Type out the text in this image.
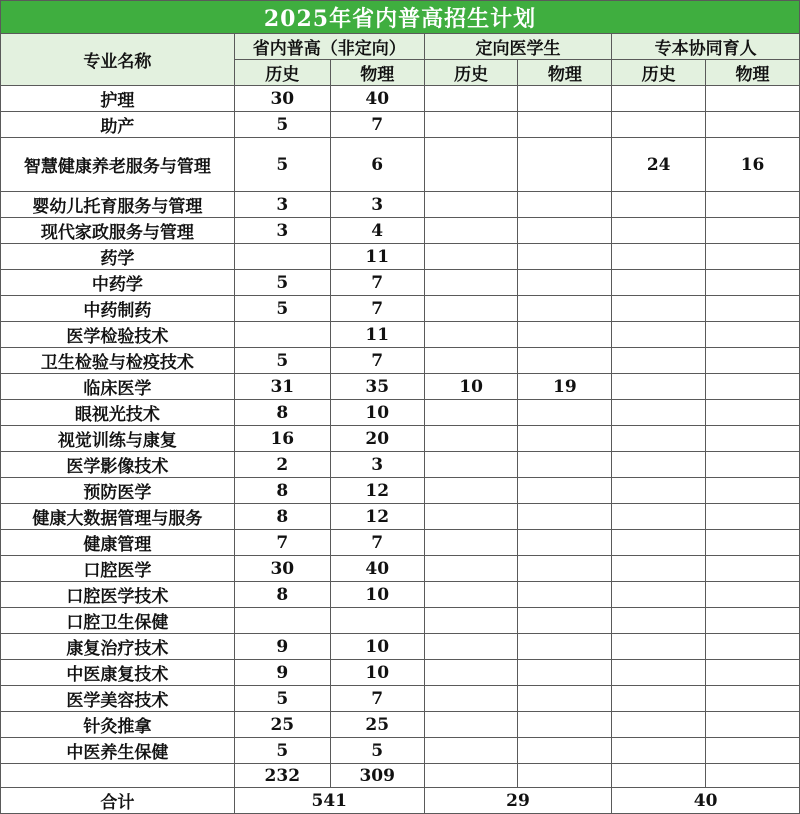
2025年省内普高招生计划						
专业名称	省内普高（非定向）		定向医学生		专本协同育人	
	历史	物理	历史	物理	历史	物理
护理	30	40				
助产	5	7				
智慧健康养老服务与管理	5	6			24	16
婴幼儿托育服务与管理	3	3				
现代家政服务与管理	3	4				
药学		11				
中药学	5	7				
中药制药	5	7				
医学检验技术		11				
卫生检验与检疫技术	5	7				
临床医学	31	35	10	19		
眼视光技术	8	10				
视觉训练与康复	16	20				
医学影像技术	2	3				
预防医学	8	12				
健康大数据管理与服务	8	12				
健康管理	7	7				
口腔医学	30	40				
口腔医学技术	8	10				
口腔卫生保健						
康复治疗技术	9	10				
中医康复技术	9	10				
医学美容技术	5	7				
针灸推拿	25	25				
中医养生保健	5	5				
	232	309				
合计	541		29		40	
